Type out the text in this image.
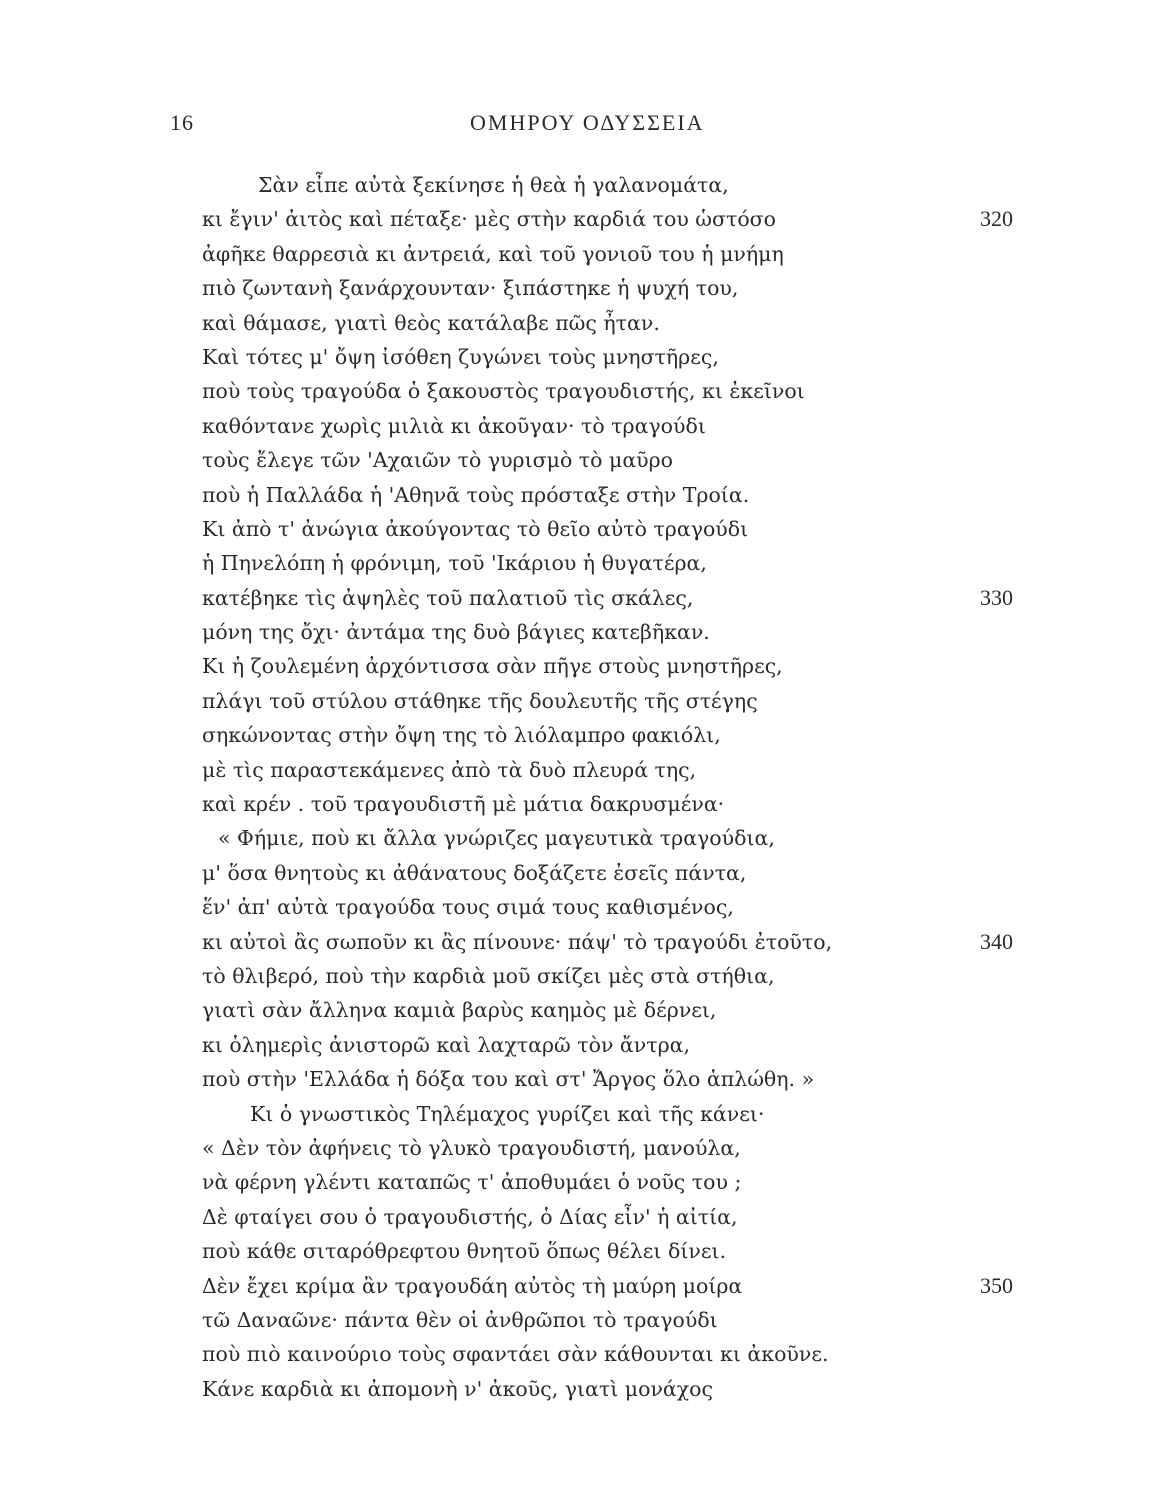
16	ΟΜΗΡΟΥ ΟΔΥΣΣΕΙΑ
Σὰν εἶπε αὐτὰ ξεκίνησε ἡ θεὰ ἡ γαλανομάτα,
κι ἔγιν' ἀιτὸς καὶ πέταξε· μὲς στὴν καρδιά του ὡστόσο	320
ἀφῆκε θαρρεσιὰ κι ἀντρειά, καὶ τοῦ γονιοῦ του ἡ μνήμη
πιὸ ζωντανὴ ξανάρχουνταν· ξιπάστηκε ἡ ψυχή του,
καὶ θάμασε, γιατὶ θεὸς κατάλαβε πῶς ἦταν.
Καὶ τότες μ' ὄψη ἰσόθεη ζυγώνει τοὺς μνηστῆρες,
ποὺ τοὺς τραγούδα ὁ ξακουστὸς τραγουδιστής, κι ἐκεῖνοι
καθόντανε χωρὶς μιλιὰ κι ἀκοῦγαν· τὸ τραγούδι
τοὺς ἔλεγε τῶν 'Αχαιῶν τὸ γυρισμὸ τὸ μαῦρο
ποὺ ἡ Παλλάδα ἡ 'Αθηνᾶ τοὺς πρόσταξε στὴν Τροία.
Κι ἀπὸ τ' ἀνώγια ἀκούγοντας τὸ θεῖο αὐτὸ τραγούδι
ἡ Πηνελόπη ἡ φρόνιμη, τοῦ 'Ικάριου ἡ θυγατέρα,
κατέβηκε τὶς ἀψηλὲς τοῦ παλατιοῦ τὶς σκάλες,	330
μόνη της ὄχι· ἀντάμα της δυὸ βάγιες κατεβῆκαν.
Κι ἡ ζουλεμένη ἀρχόντισσα σὰν πῆγε στοὺς μνηστῆρες,
πλάγι τοῦ στύλου στάθηκε τῆς δουλευτῆς τῆς στέγης
σηκώνοντας στὴν ὄψη της τὸ λιόλαμπρο φακιόλι,
μὲ τὶς παραστεκάμενες ἀπὸ τὰ δυὸ πλευρά της,
καὶ κρέν . τοῦ τραγουδιστῆ μὲ μάτια δακρυσμένα·
« Φήμιε, ποὺ κι ἄλλα γνώριζες μαγευτικὰ τραγούδια,
μ' ὅσα θνητοὺς κι ἀθάνατους δοξάζετε ἐσεῖς πάντα,
ἕν' ἀπ' αὐτὰ τραγούδα τους σιμά τους καθισμένος,
κι αὐτοὶ ἂς σωποῦν κι ἂς πίνουνε· πάψ' τὸ τραγούδι ἐτοῦτο,	340
τὸ θλιβερό, ποὺ τὴν καρδιὰ μοῦ σκίζει μὲς στὰ στήθια,
γιατὶ σὰν ἄλληνα καμιὰ βαρὺς καημὸς μὲ δέρνει,
κι ὁλημερὶς ἀνιστορῶ καὶ λαχταρῶ τὸν ἄντρα,
ποὺ στὴν 'Ελλάδα ἡ δόξα του καὶ στ' Ἄργος ὅλο ἁπλώθη. »
Κι ὁ γνωστικὸς Τηλέμαχος γυρίζει καὶ τῆς κάνει·
« Δὲν τὸν ἀφήνεις τὸ γλυκὸ τραγουδιστή, μανούλα,
νὰ φέρνη γλέντι καταπῶς τ' ἀποθυμάει ὁ νοῦς του ;
Δὲ φταίγει σου ὁ τραγουδιστής, ὁ Δίας εἶν' ἡ αἰτία,
ποὺ κάθε σιταρόθρεφτου θνητοῦ ὅπως θέλει δίνει.
Δὲν ἔχει κρίμα ἂν τραγουδάη αὐτὸς τὴ μαύρη μοίρα	350
τῶ Δαναῶνε· πάντα θὲν οἱ ἀνθρῶποι τὸ τραγούδι
ποὺ πιὸ καινούριο τοὺς σφαντάει σὰν κάθουνται κι ἀκοῦνε.
Κάνε καρδιὰ κι ἀπομονὴ ν' ἀκοῦς, γιατὶ μονάχος
